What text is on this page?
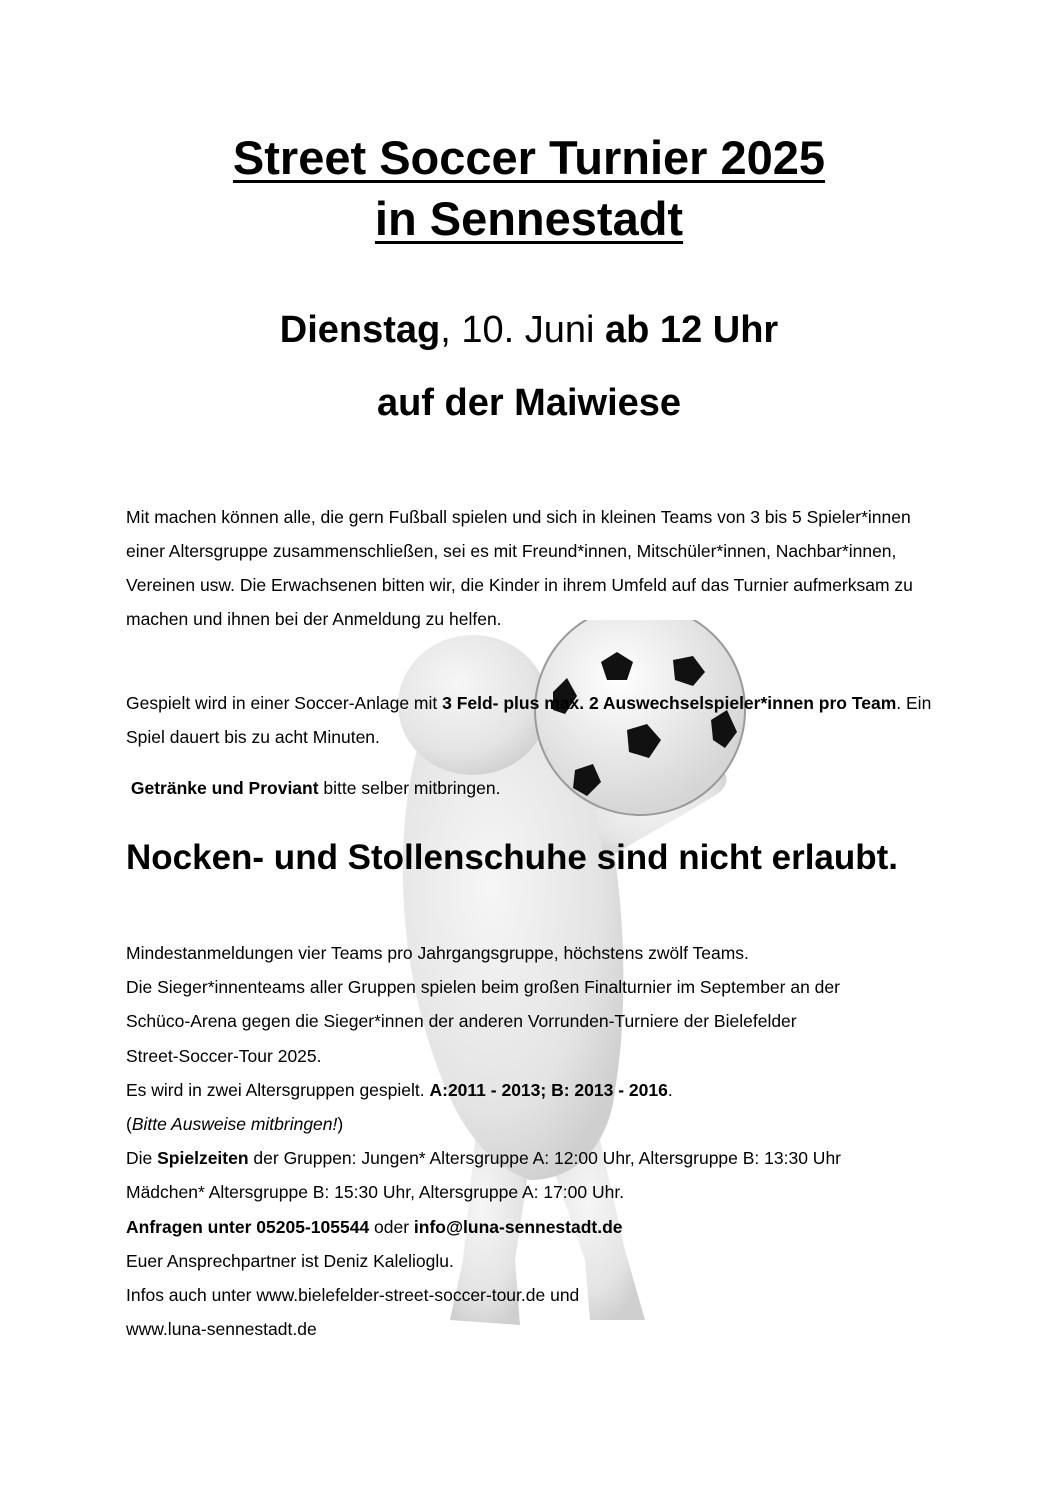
Street Soccer Turnier 2025
in Sennestadt
Dienstag, 10. Juni ab 12 Uhr
auf der Maiwiese
Mit machen können alle, die gern Fußball spielen und sich in kleinen Teams von 3 bis 5 Spieler*innen einer Altersgruppe zusammenschließen, sei es mit Freund*innen, Mitschüler*innen, Nachbar*innen, Vereinen usw. Die Erwachsenen bitten wir, die Kinder in ihrem Umfeld auf das Turnier aufmerksam zu machen und ihnen bei der Anmeldung zu helfen.
Gespielt wird in einer Soccer-Anlage mit 3 Feld- plus max. 2 Auswechselspieler*innen pro Team. Ein Spiel dauert bis zu acht Minuten.
Getränke und Proviant bitte selber mitbringen.
Nocken- und Stollenschuhe sind nicht erlaubt.
Mindestanmeldungen vier Teams pro Jahrgangsgruppe, höchstens zwölf Teams.
Die Sieger*innenteams aller Gruppen spielen beim großen Finalturnier im September an der
Schüco-Arena gegen die Sieger*innen der anderen Vorrunden-Turniere der Bielefelder
Street-Soccer-Tour 2025.
Es wird in zwei Altersgruppen gespielt. A:2011 - 2013; B: 2013 - 2016.
(Bitte Ausweise mitbringen!)
Die Spielzeiten der Gruppen: Jungen* Altersgruppe A: 12:00 Uhr, Altersgruppe B: 13:30 Uhr
Mädchen* Altersgruppe B: 15:30 Uhr, Altersgruppe A: 17:00 Uhr.
Anfragen unter 05205-105544 oder info@luna-sennestadt.de
Euer Ansprechpartner ist Deniz Kalelioglu.
Infos auch unter www.bielefelder-street-soccer-tour.de und
www.luna-sennestadt.de
